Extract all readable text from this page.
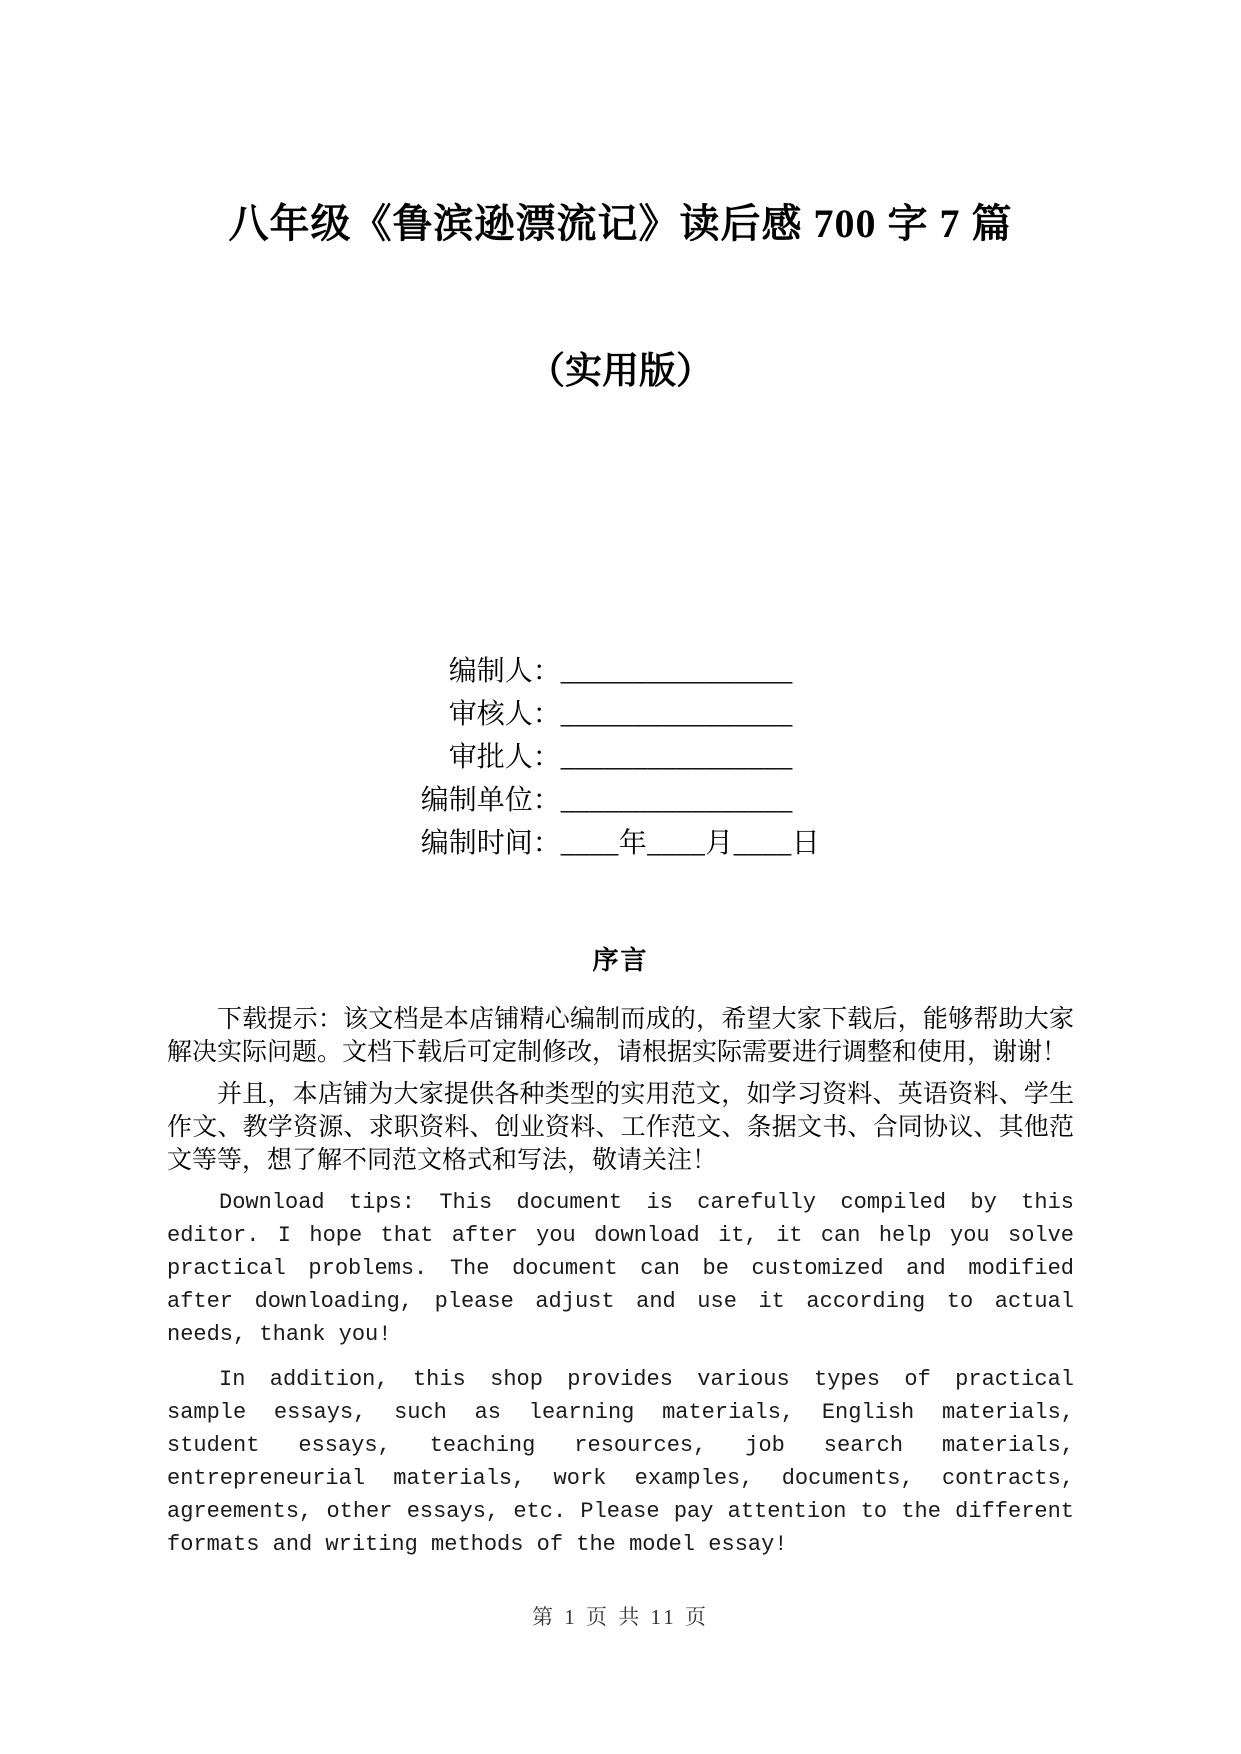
八年级《鲁滨逊漂流记》读后感 700 字 7 篇
（实用版）
编制人：________________
审核人：________________
审批人：________________
编制单位：________________
编制时间：____年____月____日
序言

下载提示：该文档是本店铺精心编制而成的，希望大家下载后，能够帮助大家解决实际问题。文档下载后可定制修改，请根据实际需要进行调整和使用，谢谢！

并且，本店铺为大家提供各种类型的实用范文，如学习资料、英语资料、学生作文、教学资源、求职资料、创业资料、工作范文、条据文书、合同协议、其他范文等等，想了解不同范文格式和写法，敬请关注！

Download tips: This document is carefully compiled by this editor. I hope that after you download it, it can help you solve practical problems. The document can be customized and modified after downloading, please adjust and use it according to actual needs, thank you!

In addition, this shop provides various types of practical sample essays, such as learning materials, English materials, student essays, teaching resources, job search materials, entrepreneurial materials, work examples, documents, contracts, agreements, other essays, etc. Please pay attention to the different formats and writing methods of the model essay!

第 1 页 共 11 页
